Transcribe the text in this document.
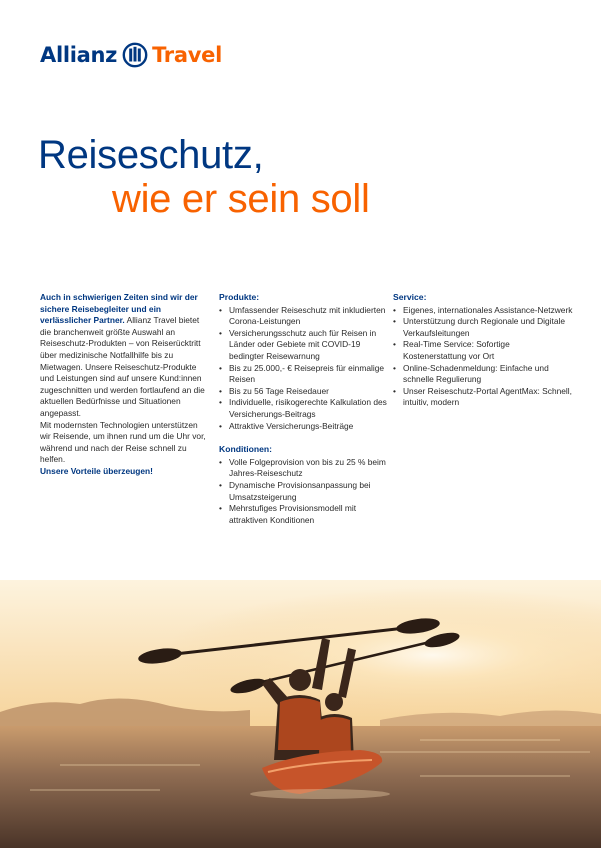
Allianz Travel
Reiseschutz,
wie er sein soll

Auch in schwierigen Zeiten sind wir der sichere Reisebegleiter und ein verlässlicher Partner. Allianz Travel bietet die branchenweit größte Auswahl an Reiseschutz-Produkten – von Reiserücktritt über medizinische Notfallhilfe bis zu Mietwagen. Unsere Reiseschutz-Produkte und Leistungen sind auf unsere Kund:innen zugeschnitten und werden fortlaufend an die aktuellen Bedürfnisse und Situationen angepasst.

Mit modernsten Technologien unterstützen wir Reisende, um ihnen rund um die Uhr vor, während und nach der Reise schnell zu helfen.

Unsere Vorteile überzeugen!
Produkte:
• Umfassender Reiseschutz mit inkludierten Corona-Leistungen
• Versicherungsschutz auch für Reisen in Länder oder Gebiete mit COVID-19 bedingter Reisewarnung
• Bis zu 25.000,- € Reisepreis für einmalige Reisen
• Bis zu 56 Tage Reisedauer
• Individuelle, risikogerechte Kalkulation des Versicherungs-Beitrags
• Attraktive Versicherungs-Beiträge
Konditionen:
• Volle Folgeprovision von bis zu 25 % beim Jahres-Reiseschutz
• Dynamische Provisionsanpassung bei Umsatzsteigerung
• Mehrstufiges Provisionsmodell mit attraktiven Konditionen
Service:
• Eigenes, internationales Assistance-Netzwerk
• Unterstützung durch Regionale und Digitale Verkaufsleitungen
• Real-Time Service: Sofortige Kostenerstattung vor Ort
• Online-Schadenmeldung: Einfache und schnelle Regulierung
• Unser Reiseschutz-Portal AgentMax: Schnell, intuitiv, modern
